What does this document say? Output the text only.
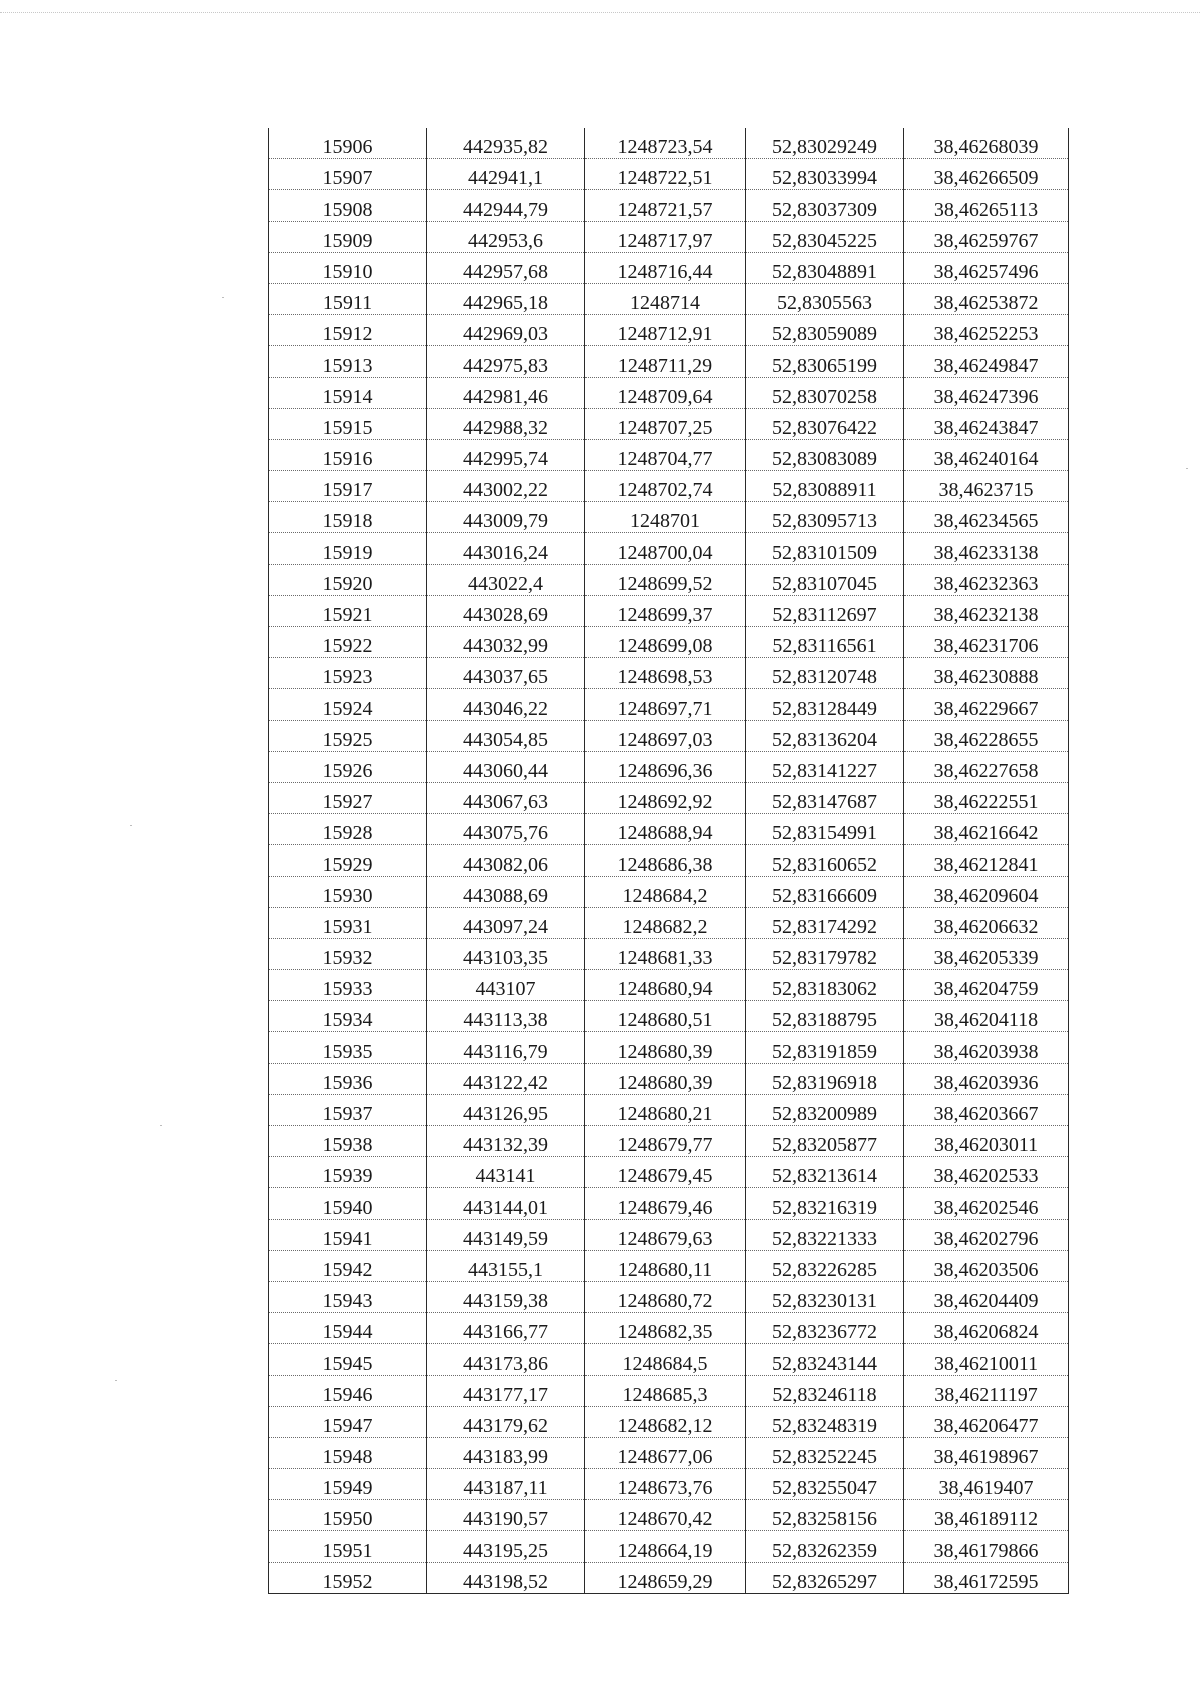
15906	442935,82	1248723,54	52,83029249	38,46268039
15907	442941,1	1248722,51	52,83033994	38,46266509
15908	442944,79	1248721,57	52,83037309	38,46265113
15909	442953,6	1248717,97	52,83045225	38,46259767
15910	442957,68	1248716,44	52,83048891	38,46257496
15911	442965,18	1248714	52,8305563	38,46253872
15912	442969,03	1248712,91	52,83059089	38,46252253
15913	442975,83	1248711,29	52,83065199	38,46249847
15914	442981,46	1248709,64	52,83070258	38,46247396
15915	442988,32	1248707,25	52,83076422	38,46243847
15916	442995,74	1248704,77	52,83083089	38,46240164
15917	443002,22	1248702,74	52,83088911	38,4623715
15918	443009,79	1248701	52,83095713	38,46234565
15919	443016,24	1248700,04	52,83101509	38,46233138
15920	443022,4	1248699,52	52,83107045	38,46232363
15921	443028,69	1248699,37	52,83112697	38,46232138
15922	443032,99	1248699,08	52,83116561	38,46231706
15923	443037,65	1248698,53	52,83120748	38,46230888
15924	443046,22	1248697,71	52,83128449	38,46229667
15925	443054,85	1248697,03	52,83136204	38,46228655
15926	443060,44	1248696,36	52,83141227	38,46227658
15927	443067,63	1248692,92	52,83147687	38,46222551
15928	443075,76	1248688,94	52,83154991	38,46216642
15929	443082,06	1248686,38	52,83160652	38,46212841
15930	443088,69	1248684,2	52,83166609	38,46209604
15931	443097,24	1248682,2	52,83174292	38,46206632
15932	443103,35	1248681,33	52,83179782	38,46205339
15933	443107	1248680,94	52,83183062	38,46204759
15934	443113,38	1248680,51	52,83188795	38,46204118
15935	443116,79	1248680,39	52,83191859	38,46203938
15936	443122,42	1248680,39	52,83196918	38,46203936
15937	443126,95	1248680,21	52,83200989	38,46203667
15938	443132,39	1248679,77	52,83205877	38,46203011
15939	443141	1248679,45	52,83213614	38,46202533
15940	443144,01	1248679,46	52,83216319	38,46202546
15941	443149,59	1248679,63	52,83221333	38,46202796
15942	443155,1	1248680,11	52,83226285	38,46203506
15943	443159,38	1248680,72	52,83230131	38,46204409
15944	443166,77	1248682,35	52,83236772	38,46206824
15945	443173,86	1248684,5	52,83243144	38,46210011
15946	443177,17	1248685,3	52,83246118	38,46211197
15947	443179,62	1248682,12	52,83248319	38,46206477
15948	443183,99	1248677,06	52,83252245	38,46198967
15949	443187,11	1248673,76	52,83255047	38,4619407
15950	443190,57	1248670,42	52,83258156	38,46189112
15951	443195,25	1248664,19	52,83262359	38,46179866
15952	443198,52	1248659,29	52,83265297	38,46172595
